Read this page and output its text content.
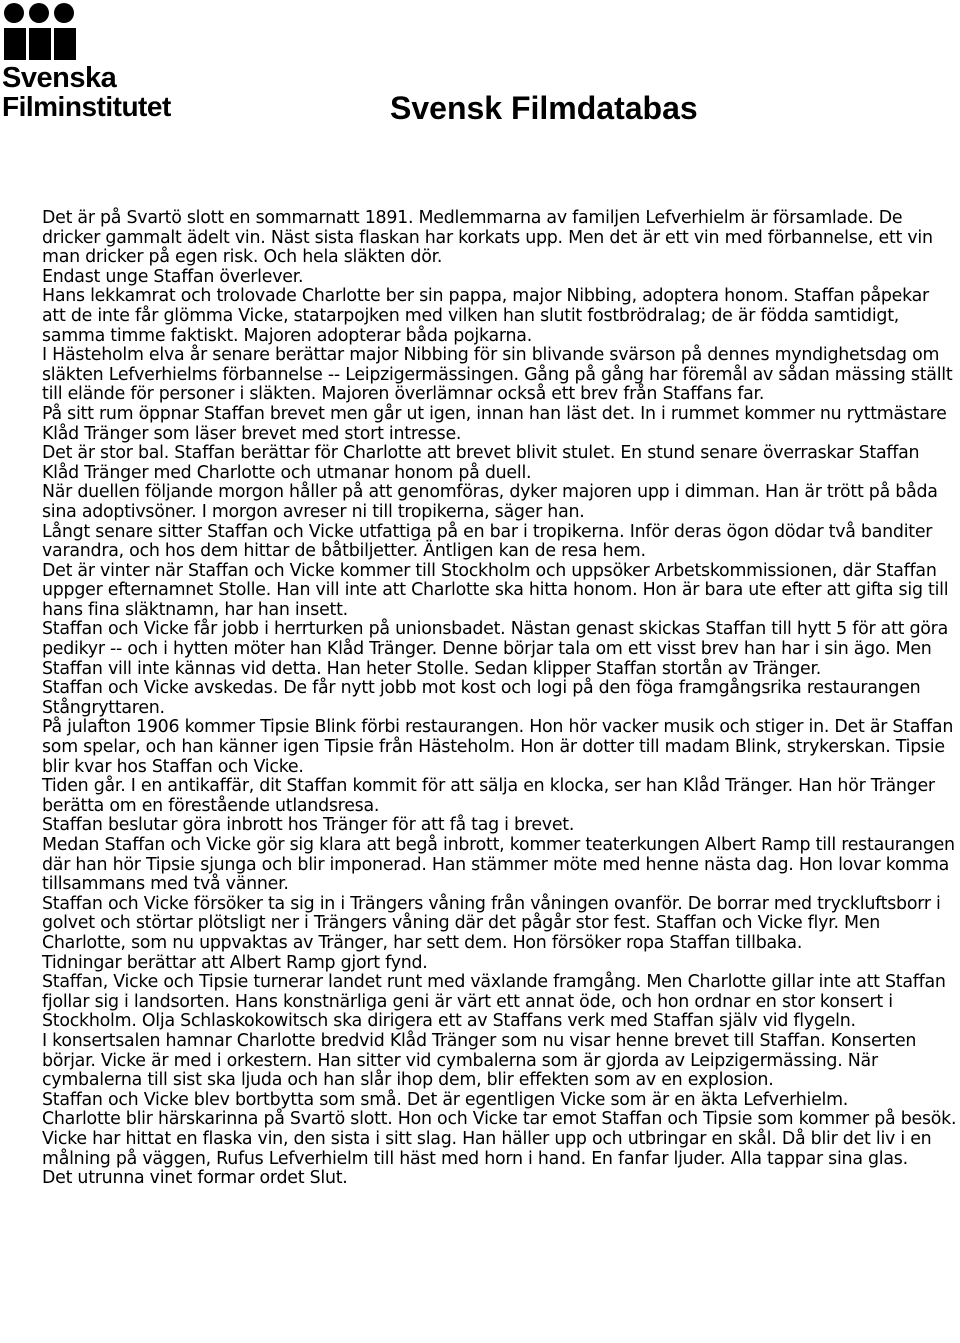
Svenska
Filminstitutet	Svensk Filmdatabas

Det är på Svartö slott en sommarnatt 1891. Medlemmarna av familjen Lefverhielm är församlade. De dricker gammalt ädelt vin. Näst sista flaskan har korkats upp. Men det är ett vin med förbannelse, ett vin man dricker på egen risk. Och hela släkten dör.

Endast unge Staffan överlever.

Hans lekkamrat och trolovade Charlotte ber sin pappa, major Nibbing, adoptera honom. Staffan påpekar att de inte får glömma Vicke, statarpojken med vilken han slutit fostbrödralag; de är födda samtidigt, samma timme faktiskt. Majoren adopterar båda pojkarna.

I Hästeholm elva år senare berättar major Nibbing för sin blivande svärson på dennes myndighetsdag om släkten Lefverhielms förbannelse -- Leipzigermässingen. Gång på gång har föremål av sådan mässing ställt till elände för personer i släkten. Majoren överlämnar också ett brev från Staffans far.

På sitt rum öppnar Staffan brevet men går ut igen, innan han läst det. In i rummet kommer nu ryttmästare Klåd Tränger som läser brevet med stort intresse.

Det är stor bal. Staffan berättar för Charlotte att brevet blivit stulet. En stund senare överraskar Staffan Klåd Tränger med Charlotte och utmanar honom på duell.

När duellen följande morgon håller på att genomföras, dyker majoren upp i dimman. Han är trött på båda sina adoptivsöner. I morgon avreser ni till tropikerna, säger han.

Långt senare sitter Staffan och Vicke utfattiga på en bar i tropikerna. Inför deras ögon dödar två banditer varandra, och hos dem hittar de båtbiljetter. Äntligen kan de resa hem.

Det är vinter när Staffan och Vicke kommer till Stockholm och uppsöker Arbetskommissionen, där Staffan uppger efternamnet Stolle. Han vill inte att Charlotte ska hitta honom. Hon är bara ute efter att gifta sig till hans fina släktnamn, har han insett.

Staffan och Vicke får jobb i herrturken på unionsbadet. Nästan genast skickas Staffan till hytt 5 för att göra pedikyr -- och i hytten möter han Klåd Tränger. Denne börjar tala om ett visst brev han har i sin ägo. Men Staffan vill inte kännas vid detta. Han heter Stolle. Sedan klipper Staffan stortån av Tränger.

Staffan och Vicke avskedas. De får nytt jobb mot kost och logi på den föga framgångsrika restaurangen Stångryttaren.

På julafton 1906 kommer Tipsie Blink förbi restaurangen. Hon hör vacker musik och stiger in. Det är Staffan som spelar, och han känner igen Tipsie från Hästeholm. Hon är dotter till madam Blink, strykerskan. Tipsie blir kvar hos Staffan och Vicke.

Tiden går. I en antikaffär, dit Staffan kommit för att sälja en klocka, ser han Klåd Tränger. Han hör Tränger berätta om en förestående utlandsresa.

Staffan beslutar göra inbrott hos Tränger för att få tag i brevet.

Medan Staffan och Vicke gör sig klara att begå inbrott, kommer teaterkungen Albert Ramp till restaurangen där han hör Tipsie sjunga och blir imponerad. Han stämmer möte med henne nästa dag. Hon lovar komma tillsammans med två vänner.

Staffan och Vicke försöker ta sig in i Trängers våning från våningen ovanför. De borrar med tryckluftsborr i golvet och störtar plötsligt ner i Trängers våning där det pågår stor fest. Staffan och Vicke flyr. Men Charlotte, som nu uppvaktas av Tränger, har sett dem. Hon försöker ropa Staffan tillbaka.

Tidningar berättar att Albert Ramp gjort fynd.

Staffan, Vicke och Tipsie turnerar landet runt med växlande framgång. Men Charlotte gillar inte att Staffan fjollar sig i landsorten. Hans konstnärliga geni är värt ett annat öde, och hon ordnar en stor konsert i Stockholm. Olja Schlaskokowitsch ska dirigera ett av Staffans verk med Staffan själv vid flygeln.

I konsertsalen hamnar Charlotte bredvid Klåd Tränger som nu visar henne brevet till Staffan. Konserten börjar. Vicke är med i orkestern. Han sitter vid cymbalerna som är gjorda av Leipzigermässing. När cymbalerna till sist ska ljuda och han slår ihop dem, blir effekten som av en explosion.

Staffan och Vicke blev bortbytta som små. Det är egentligen Vicke som är en äkta Lefverhielm.

Charlotte blir härskarinna på Svartö slott. Hon och Vicke tar emot Staffan och Tipsie som kommer på besök. Vicke har hittat en flaska vin, den sista i sitt slag. Han häller upp och utbringar en skål. Då blir det liv i en målning på väggen, Rufus Lefverhielm till häst med horn i hand. En fanfar ljuder. Alla tappar sina glas.

Det utrunna vinet formar ordet Slut.
